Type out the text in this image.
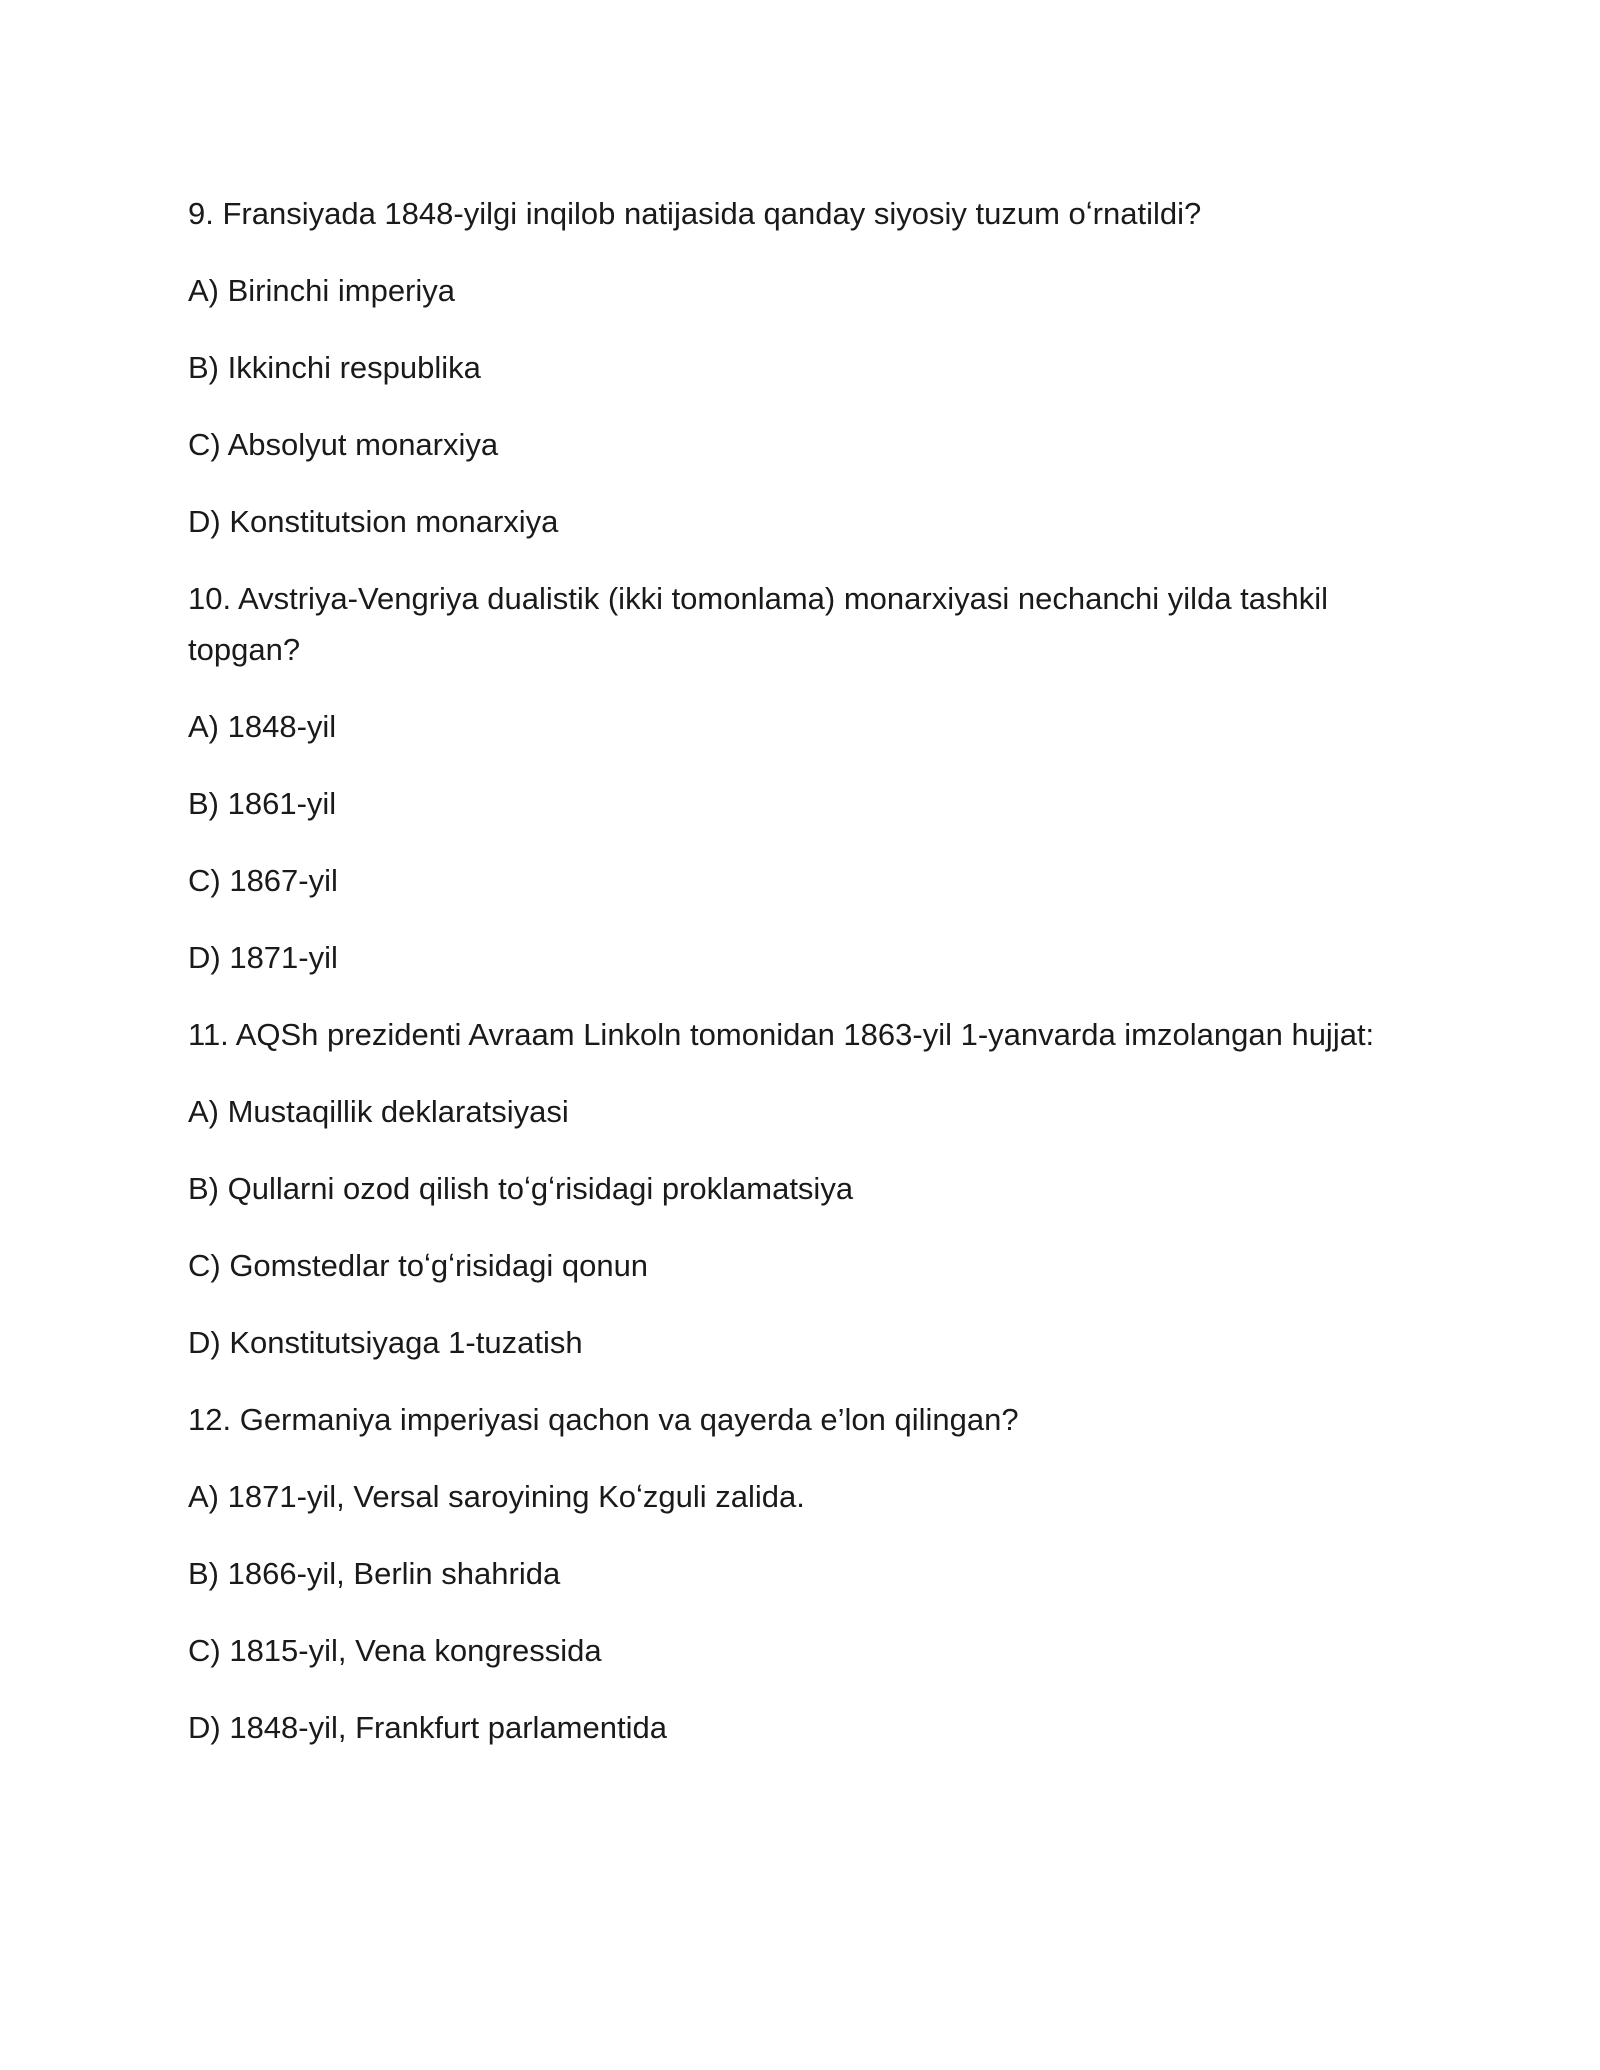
9. Fransiyada 1848-yilgi inqilob natijasida qanday siyosiy tuzum oʻrnatildi?

A) Birinchi imperiya

B) Ikkinchi respublika

C) Absolyut monarxiya

D) Konstitutsion monarxiya

10. Avstriya-Vengriya dualistik (ikki tomonlama) monarxiyasi nechanchi yilda tashkil topgan?

A) 1848-yil

B) 1861-yil

C) 1867-yil

D) 1871-yil

11. AQSh prezidenti Avraam Linkoln tomonidan 1863-yil 1-yanvarda imzolangan hujjat:

A) Mustaqillik deklaratsiyasi

B) Qullarni ozod qilish toʻgʻrisidagi proklamatsiya

C) Gomstedlar toʻgʻrisidagi qonun

D) Konstitutsiyaga 1-tuzatish

12. Germaniya imperiyasi qachon va qayerda e’lon qilingan?

A) 1871-yil, Versal saroyining Koʻzguli zalida.

B) 1866-yil, Berlin shahrida

C) 1815-yil, Vena kongressida

D) 1848-yil, Frankfurt parlamentida
